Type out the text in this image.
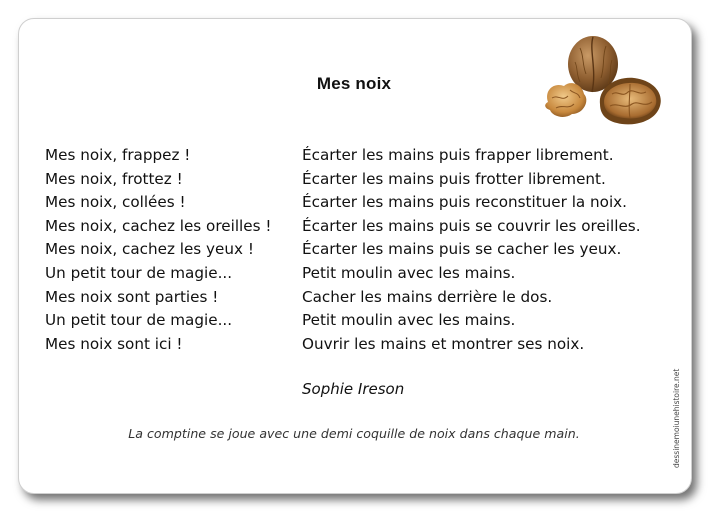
Mes noix
Mes noix, frappez !
Mes noix, frottez !
Mes noix, collées !
Mes noix, cachez les oreilles !
Mes noix, cachez les yeux !
Un petit tour de magie...
Mes noix sont parties !
Un petit tour de magie...
Mes noix sont ici !
Écarter les mains puis frapper librement.
Écarter les mains puis frotter librement.
Écarter les mains puis reconstituer la noix.
Écarter les mains puis se couvrir les oreilles.
Écarter les mains puis se cacher les yeux.
Petit moulin avec les mains.
Cacher les mains derrière le dos.
Petit moulin avec les mains.
Ouvrir les mains et montrer ses noix.
Sophie Ireson
La comptine se joue avec une demi coquille de noix dans chaque main.	dessinemoiunehistoire.net
